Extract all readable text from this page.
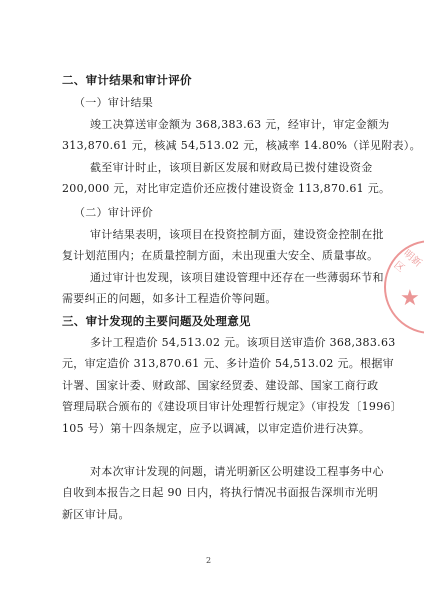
二、审计结果和审计评价
（一）审计结果
竣工决算送审金额为 368,383.63 元，经审计，审定金额为
313,870.61 元，核减 54,513.02 元，核减率 14.80%（详见附表）。
截至审计时止，该项目新区发展和财政局已拨付建设资金
200,000 元，对比审定造价还应拨付建设资金 113,870.61 元。
（二）审计评价
审计结果表明，该项目在投资控制方面，建设资金控制在批
复计划范围内；在质量控制方面，未出现重大安全、质量事故。
通过审计也发现，该项目建设管理中还存在一些薄弱环节和
需要纠正的问题，如多计工程造价等问题。
三、审计发现的主要问题及处理意见
多计工程造价 54,513.02 元。该项目送审造价 368,383.63
元，审定造价 313,870.61 元、多计造价 54,513.02 元。根据审
计署、国家计委、财政部、国家经贸委、建设部、国家工商行政
管理局联合颁布的《建设项目审计处理暂行规定》（审投发〔1996〕
105 号）第十四条规定，应予以调减，以审定造价进行决算。
对本次审计发现的问题，请光明新区公明建设工程事务中心
自收到本报告之日起 90 日内，将执行情况书面报告深圳市光明
新区审计局。
明新区
★
2
